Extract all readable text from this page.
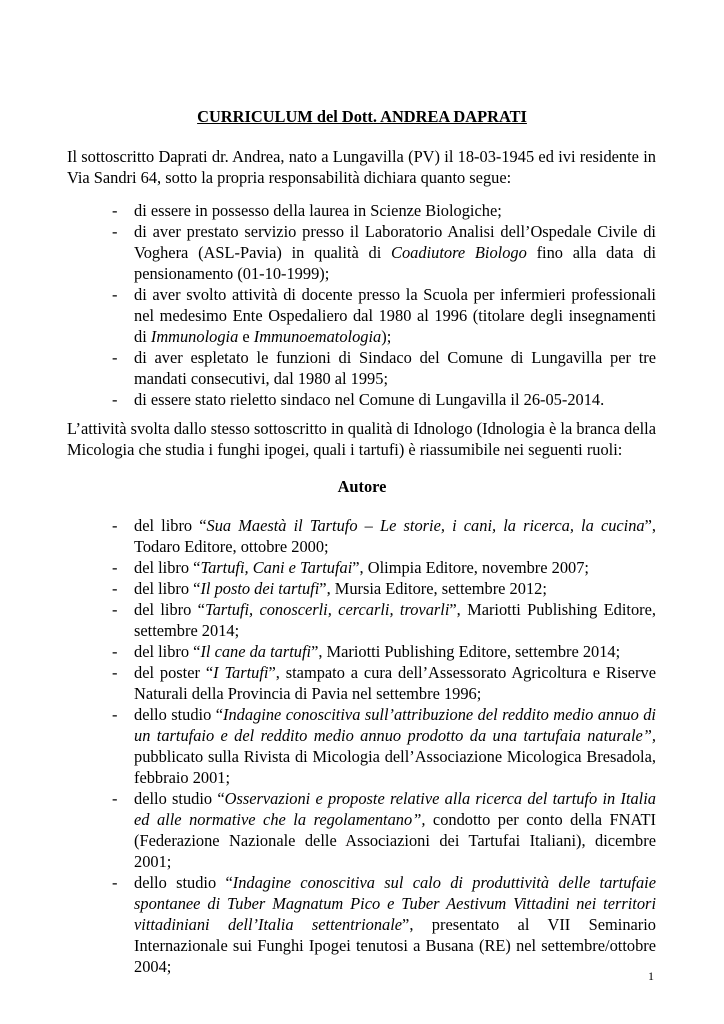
CURRICULUM del Dott. ANDREA DAPRATI

Il sottoscritto Daprati dr. Andrea, nato a Lungavilla (PV) il 18-03-1945 ed ivi residente in Via Sandri 64, sotto la propria responsabilità dichiara quanto segue:

- di essere in possesso della laurea in Scienze Biologiche;
- di aver prestato servizio presso il Laboratorio Analisi dell’Ospedale Civile di Voghera (ASL-Pavia) in qualità di Coadiutore Biologo fino alla data di pensionamento (01-10-1999);
- di aver svolto attività di docente presso la Scuola per infermieri professionali nel medesimo Ente Ospedaliero dal 1980 al 1996 (titolare degli insegnamenti di Immunologia e Immunoematologia);
- di aver espletato le funzioni di Sindaco del Comune di Lungavilla per tre mandati consecutivi, dal 1980 al 1995;
- di essere stato rieletto sindaco nel Comune di Lungavilla il 26-05-2014.

L’attività svolta dallo stesso sottoscritto in qualità di Idnologo (Idnologia è la branca della Micologia che studia i funghi ipogei, quali i tartufi) è riassumibile nei seguenti ruoli:

Autore
- del libro “Sua Maestà il Tartufo – Le storie, i cani, la ricerca, la cucina”, Todaro Editore, ottobre 2000;
- del libro “Tartufi, Cani e Tartufai”, Olimpia Editore, novembre 2007;
- del libro “Il posto dei tartufi”, Mursia Editore, settembre 2012;
- del libro “Tartufi, conoscerli, cercarli, trovarli”, Mariotti Publishing Editore, settembre 2014;
- del libro “Il cane da tartufi”, Mariotti Publishing Editore, settembre 2014;
- del poster “I Tartufi”, stampato a cura dell’Assessorato Agricoltura e Riserve Naturali della Provincia di Pavia nel settembre 1996;
- dello studio “Indagine conoscitiva sull’attribuzione del reddito medio annuo di un tartufaio e del reddito medio annuo prodotto da una tartufaia naturale”, pubblicato sulla Rivista di Micologia dell’Associazione Micologica Bresadola, febbraio 2001;
- dello studio “Osservazioni e proposte relative alla ricerca del tartufo in Italia ed alle normative che la regolamentano”, condotto per conto della FNATI (Federazione Nazionale delle Associazioni dei Tartufai Italiani), dicembre 2001;
- dello studio “Indagine conoscitiva sul calo di produttività delle tartufaie spontanee di Tuber Magnatum Pico e Tuber Aestivum Vittadini nei territori vittadiniani dell’Italia settentrionale”, presentato al VII Seminario Internazionale sui Funghi Ipogei tenutosi a Busana (RE) nel settembre/ottobre 2004;	1
